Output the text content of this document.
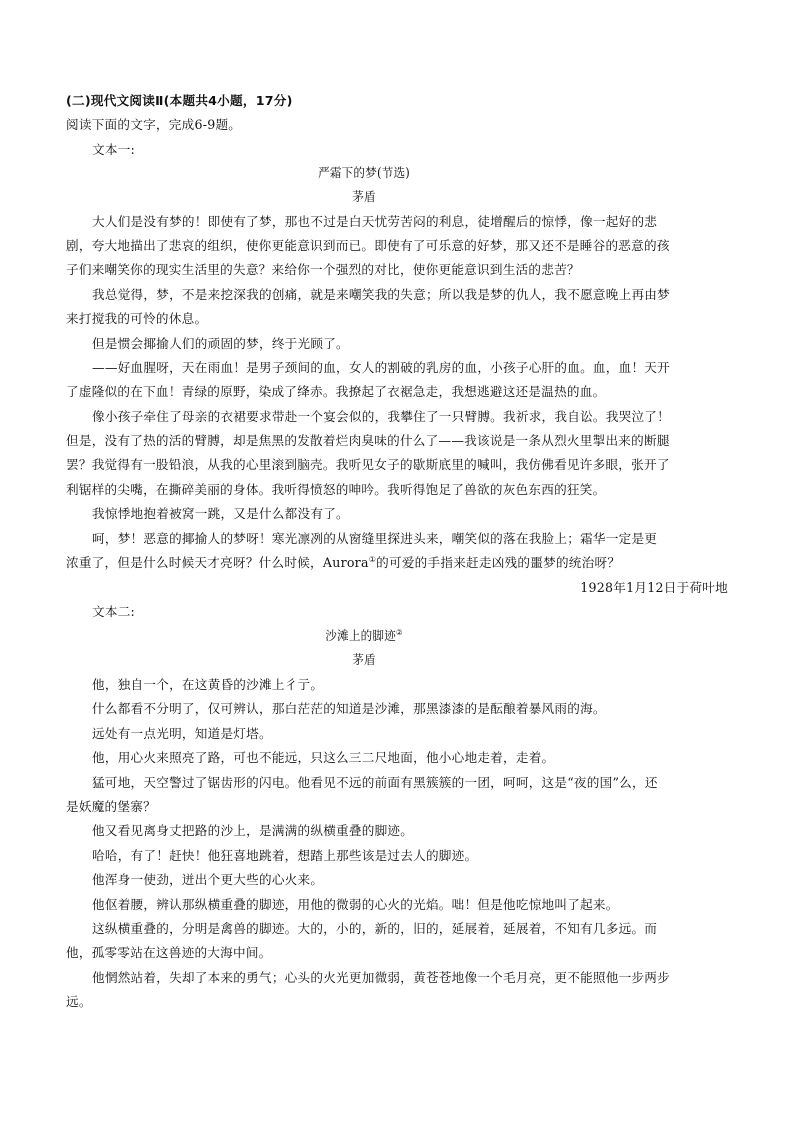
(二)现代文阅读Ⅱ(本题共4小题，17分)

阅读下面的文字，完成6-9题。

文本一:

严霜下的梦(节选)

茅盾

大人们是没有梦的！即使有了梦，那也不过是白天忧劳苦闷的利息，徒增醒后的惊悸，像一起好的悲

剧，夸大地描出了悲哀的组织，使你更能意识到而已。即使有了可乐意的好梦，那又还不是睡谷的恶意的孩

子们来嘲笑你的现实生活里的失意？来给你一个强烈的对比，使你更能意识到生活的悲苦？

我总觉得，梦，不是来挖深我的创痛，就是来嘲笑我的失意；所以我是梦的仇人，我不愿意晚上再由梦

来打搅我的可怜的休息。

但是惯会揶揄人们的顽固的梦，终于光顾了。

——好血腥呀，天在雨血！是男子颈间的血，女人的割破的乳房的血，小孩子心肝的血。血，血！天开

了虚隆似的在下血！青绿的原野，染成了绛赤。我撩起了衣裾急走，我想逃避这还是温热的血。

像小孩子牵住了母亲的衣裙要求带赴一个宴会似的，我攀住了一只臂膊。我祈求，我自讼。我哭泣了！

但是，没有了热的活的臂膊，却是焦黑的发散着烂肉臭味的什么了——我该说是一条从烈火里掣出来的断腿

罢？我觉得有一股铅浪，从我的心里滚到脑壳。我听见女子的歇斯底里的喊叫，我仿佛看见许多眼，张开了

利锯样的尖嘴，在撕碎美丽的身体。我听得愤怒的呻吟。我听得饱足了兽欲的灰色东西的狂笑。

我惊悸地抱着被窝一跳，又是什么都没有了。

呵，梦！恶意的揶揄人的梦呀！寒光凛冽的从窗缝里探进头来，嘲笑似的落在我脸上；霜华一定是更

浓重了，但是什么时候天才亮呀？什么时候，Aurora①的可爱的手指来赶走凶残的噩梦的统治呀？

1928年1月12日于荷叶地

文本二:

沙滩上的脚迹②

茅盾

他，独自一个，在这黄昏的沙滩上彳亍。

什么都看不分明了，仅可辨认，那白茫茫的知道是沙滩，那黑漆漆的是酝酿着暴风雨的海。

远处有一点光明，知道是灯塔。

他，用心火来照亮了路，可也不能远，只这么三二尺地面，他小心地走着，走着。

猛可地，天空警过了锯齿形的闪电。他看见不远的前面有黑簇簇的一团，呵呵，这是“夜的国”么，还

是妖魔的堡寨？

他又看见离身丈把路的沙上，是满满的纵横重叠的脚迹。

哈哈，有了！赶快！他狂喜地跳着，想踏上那些该是过去人的脚迹。

他浑身一使劲，迸出个更大些的心火来。

他伛着腰，辨认那纵横重叠的脚迹，用他的微弱的心火的光焰。咄！但是他吃惊地叫了起来。

这纵横重叠的，分明是禽兽的脚迹。大的，小的，新的，旧的，延展着，延展着，不知有几多远。而

他，孤零零站在这兽迹的大海中间。

他惘然站着，失却了本来的勇气；心头的火光更加微弱，黄苍苍地像一个毛月亮，更不能照他一步两步

远。
